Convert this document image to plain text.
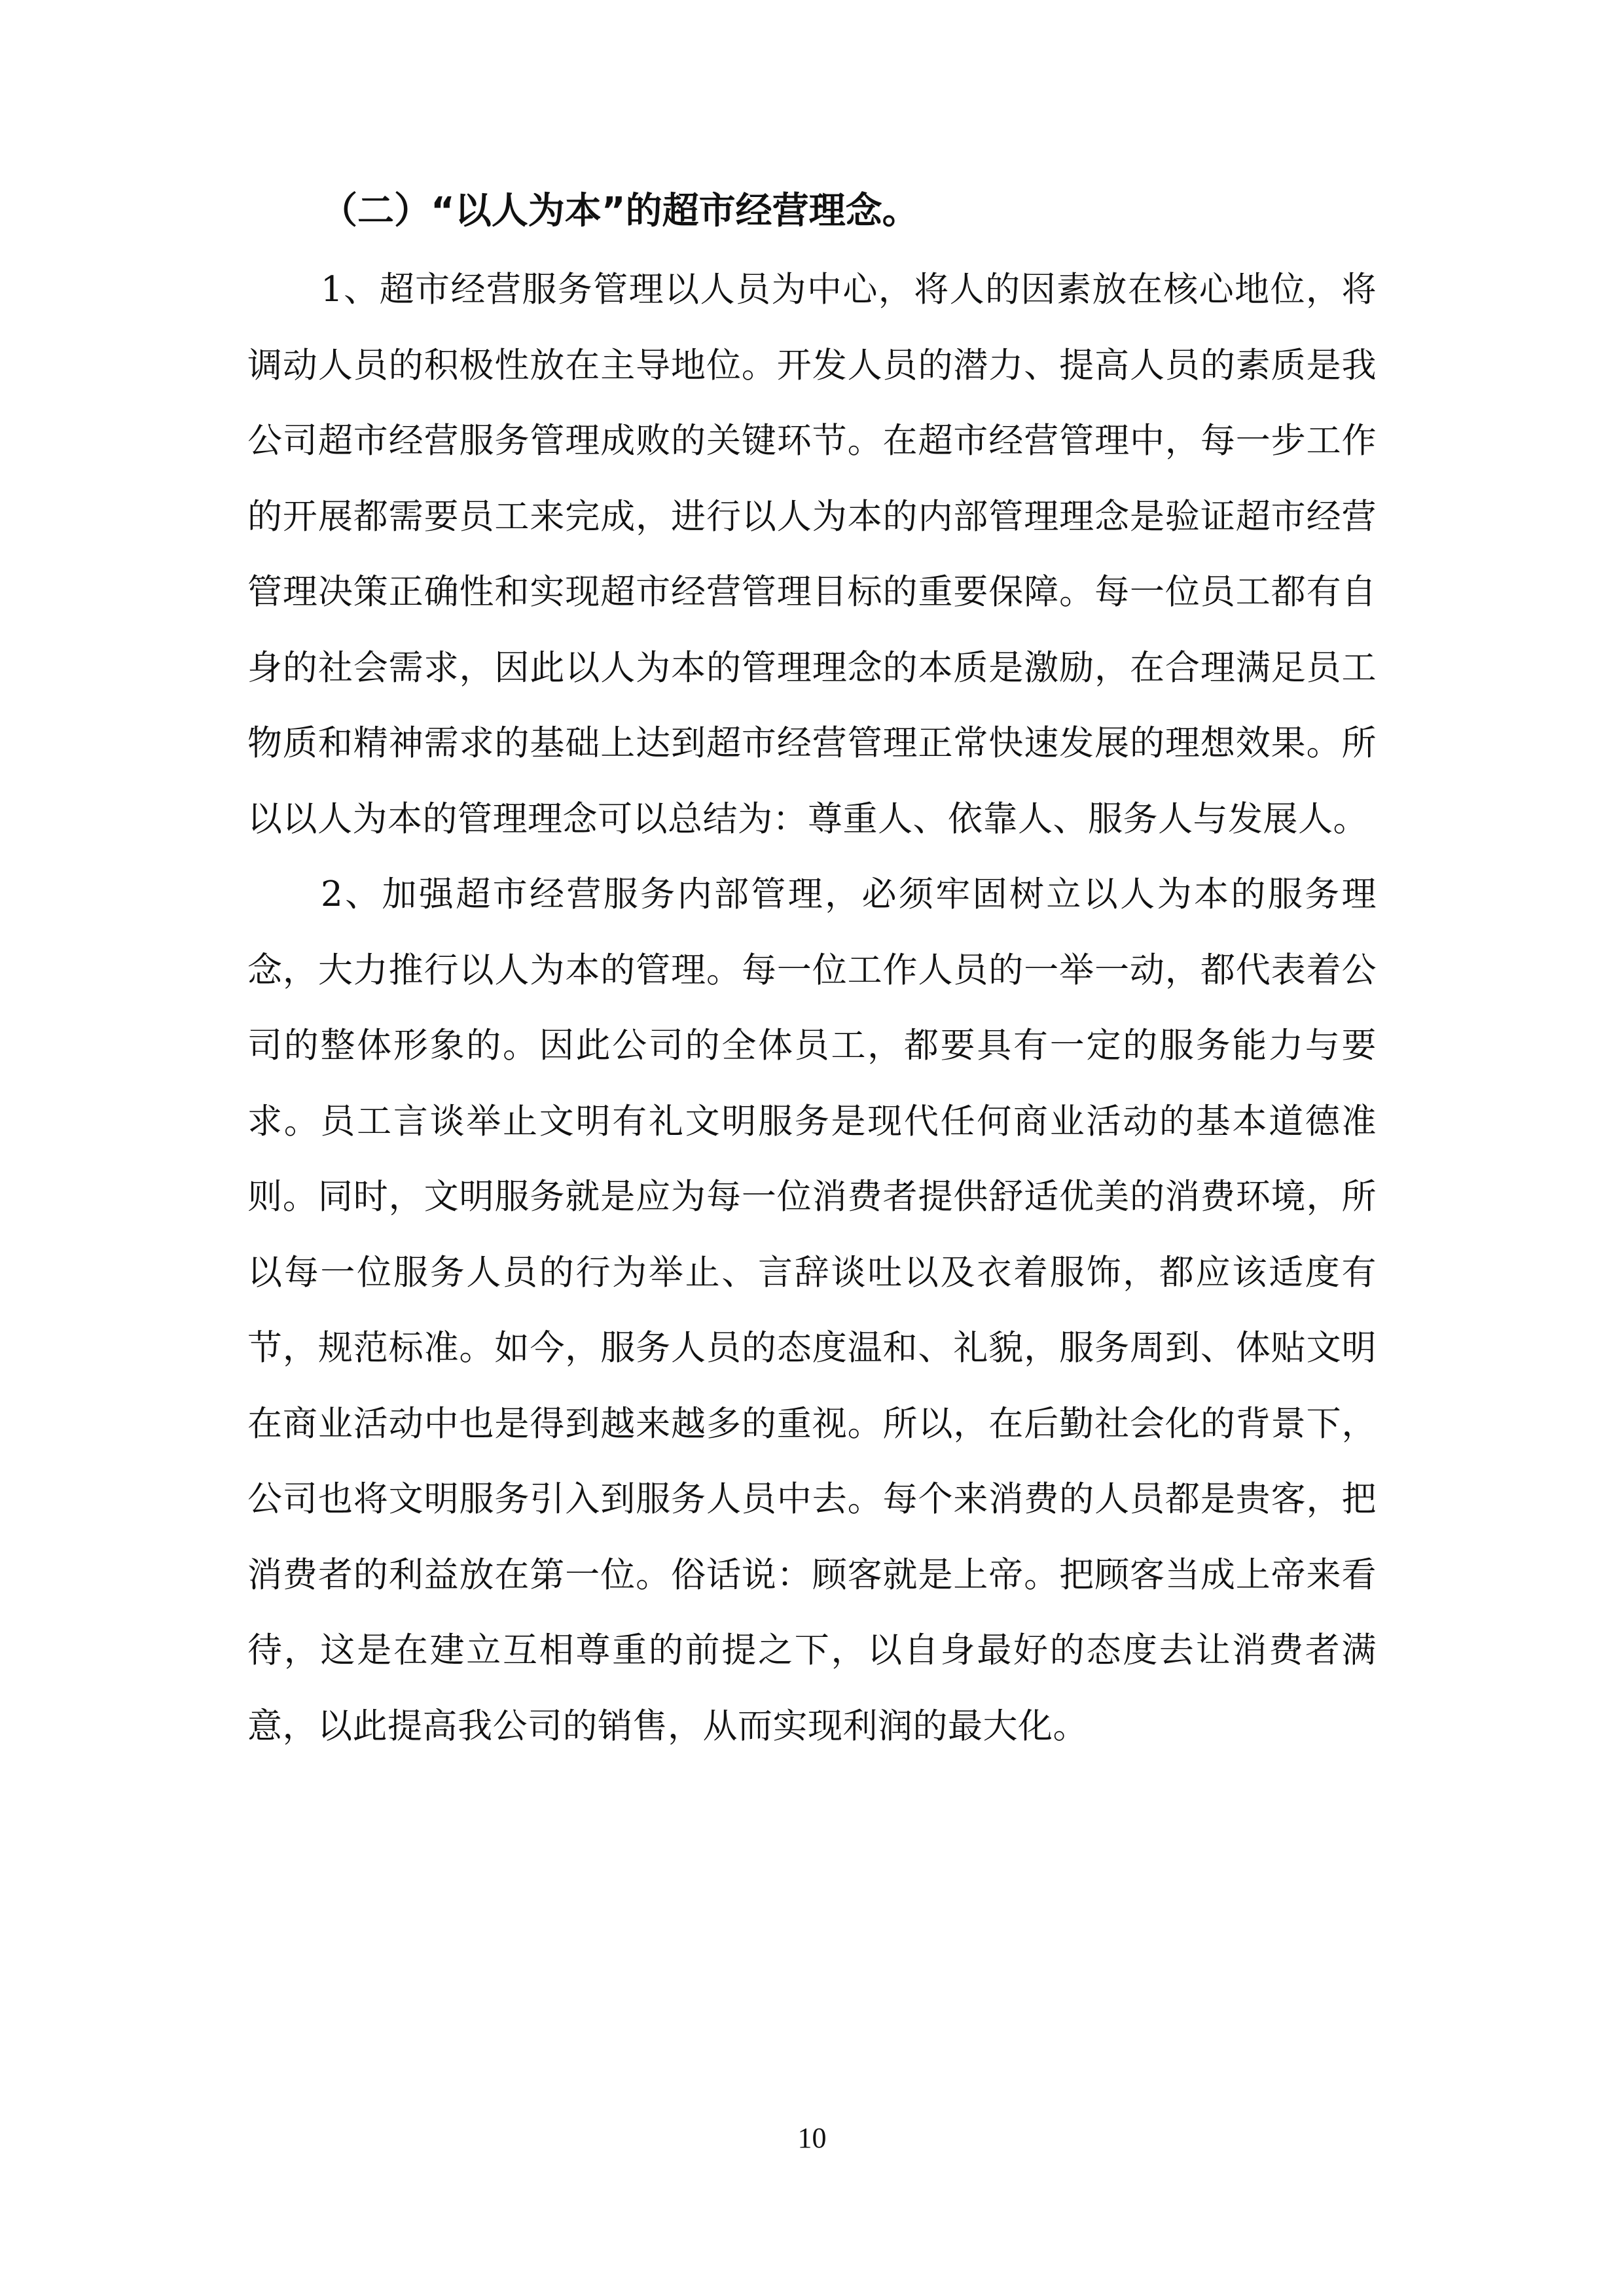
（二）“以人为本”的超市经营理念。

1、超市经营服务管理以人员为中心，将人的因素放在核心地位，将调动人员的积极性放在主导地位。开发人员的潜力、提高人员的素质是我公司超市经营服务管理成败的关键环节。在超市经营管理中，每一步工作的开展都需要员工来完成，进行以人为本的内部管理理念是验证超市经营管理决策正确性和实现超市经营管理目标的重要保障。每一位员工都有自身的社会需求，因此以人为本的管理理念的本质是激励，在合理满足员工物质和精神需求的基础上达到超市经营管理正常快速发展的理想效果。所以以人为本的管理理念可以总结为：尊重人、依靠人、服务人与发展人。

2、加强超市经营服务内部管理，必须牢固树立以人为本的服务理念，大力推行以人为本的管理。每一位工作人员的一举一动，都代表着公司的整体形象的。因此公司的全体员工，都要具有一定的服务能力与要求。员工言谈举止文明有礼文明服务是现代任何商业活动的基本道德准则。同时，文明服务就是应为每一位消费者提供舒适优美的消费环境，所以每一位服务人员的行为举止、言辞谈吐以及衣着服饰，都应该适度有节，规范标准。如今，服务人员的态度温和、礼貌，服务周到、体贴文明在商业活动中也是得到越来越多的重视。所以，在后勤社会化的背景下，公司也将文明服务引入到服务人员中去。每个来消费的人员都是贵客，把消费者的利益放在第一位。俗话说：顾客就是上帝。把顾客当成上帝来看待，这是在建立互相尊重的前提之下，以自身最好的态度去让消费者满意，以此提高我公司的销售，从而实现利润的最大化。

10
